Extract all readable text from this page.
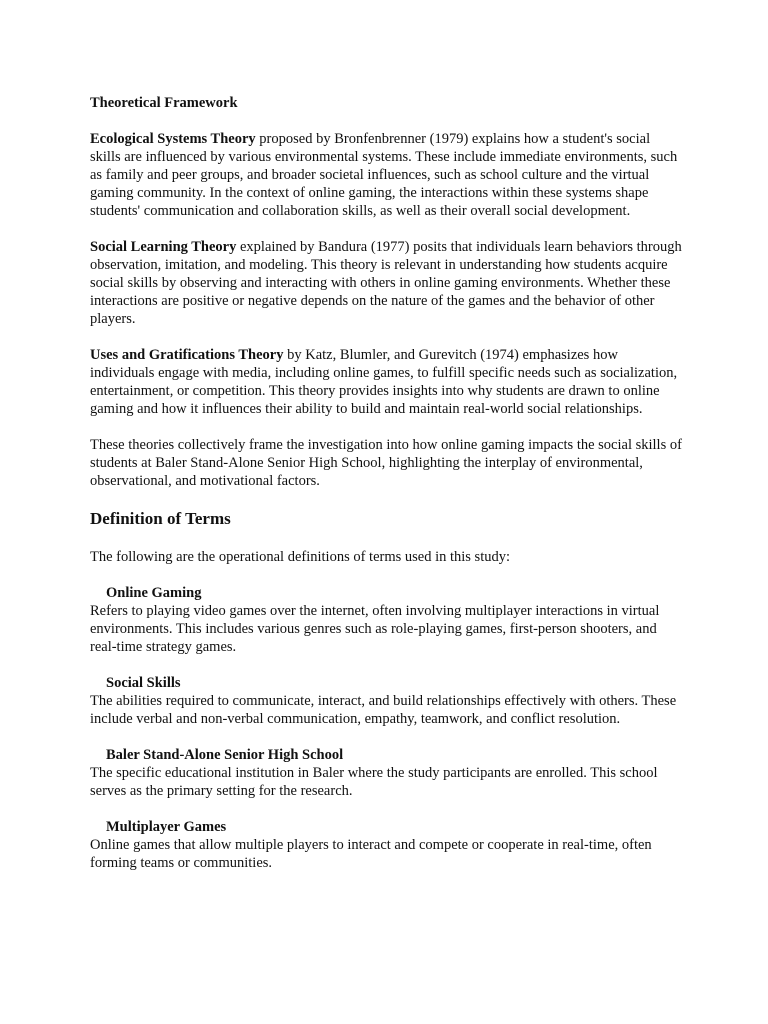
Theoretical Framework

Ecological Systems Theory proposed by Bronfenbrenner (1979) explains how a student's social skills are influenced by various environmental systems. These include immediate environments, such as family and peer groups, and broader societal influences, such as school culture and the virtual gaming community. In the context of online gaming, the interactions within these systems shape students' communication and collaboration skills, as well as their overall social development.

Social Learning Theory explained by Bandura (1977) posits that individuals learn behaviors through observation, imitation, and modeling. This theory is relevant in understanding how students acquire social skills by observing and interacting with others in online gaming environments. Whether these interactions are positive or negative depends on the nature of the games and the behavior of other players.

Uses and Gratifications Theory by Katz, Blumler, and Gurevitch (1974) emphasizes how individuals engage with media, including online games, to fulfill specific needs such as socialization, entertainment, or competition. This theory provides insights into why students are drawn to online gaming and how it influences their ability to build and maintain real-world social relationships.

These theories collectively frame the investigation into how online gaming impacts the social skills of students at Baler Stand-Alone Senior High School, highlighting the interplay of environmental, observational, and motivational factors.

Definition of Terms

The following are the operational definitions of terms used in this study:

Online Gaming

Refers to playing video games over the internet, often involving multiplayer interactions in virtual environments. This includes various genres such as role-playing games, first-person shooters, and real-time strategy games.

Social Skills

The abilities required to communicate, interact, and build relationships effectively with others. These include verbal and non-verbal communication, empathy, teamwork, and conflict resolution.

Baler Stand-Alone Senior High School

The specific educational institution in Baler where the study participants are enrolled. This school serves as the primary setting for the research.

Multiplayer Games

Online games that allow multiple players to interact and compete or cooperate in real-time, often forming teams or communities.
